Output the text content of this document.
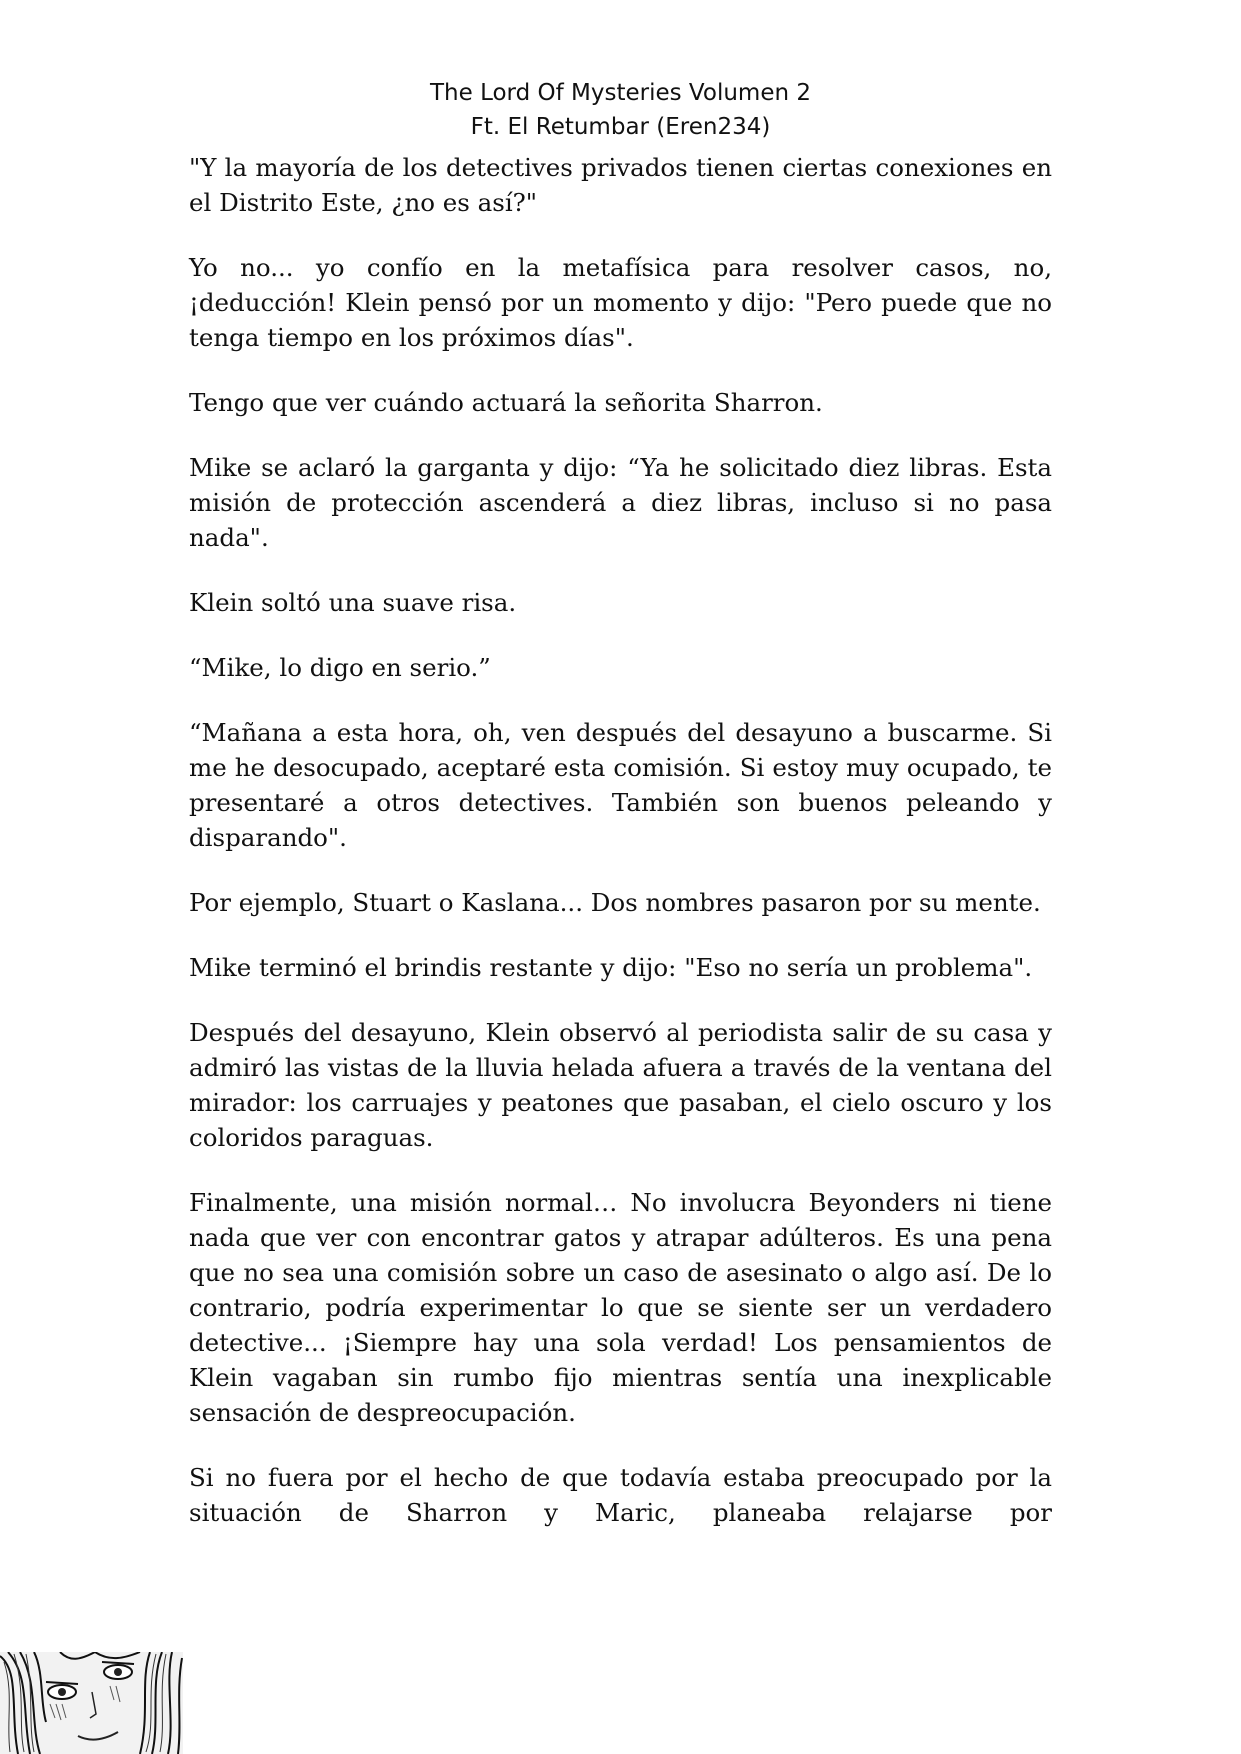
The Lord Of Mysteries Volumen 2
Ft. El Retumbar (Eren234)

"Y la mayoría de los detectives privados tienen ciertas conexiones en el Distrito Este, ¿no es así?"

Yo no... yo confío en la metafísica para resolver casos, no, ¡deducción! Klein pensó por un momento y dijo: "Pero puede que no tenga tiempo en los próximos días".

Tengo que ver cuándo actuará la señorita Sharron.

Mike se aclaró la garganta y dijo: “Ya he solicitado diez libras. Esta misión de protección ascenderá a diez libras, incluso si no pasa nada".

Klein soltó una suave risa.

“Mike, lo digo en serio.”

“Mañana a esta hora, oh, ven después del desayuno a buscarme. Si me he desocupado, aceptaré esta comisión. Si estoy muy ocupado, te presentaré a otros detectives. También son buenos peleando y disparando".

Por ejemplo, Stuart o Kaslana... Dos nombres pasaron por su mente.

Mike terminó el brindis restante y dijo: "Eso no sería un problema".

Después del desayuno, Klein observó al periodista salir de su casa y admiró las vistas de la lluvia helada afuera a través de la ventana del mirador: los carruajes y peatones que pasaban, el cielo oscuro y los coloridos paraguas.

Finalmente, una misión normal… No involucra Beyonders ni tiene nada que ver con encontrar gatos y atrapar adúlteros. Es una pena que no sea una comisión sobre un caso de asesinato o algo así. De lo contrario, podría experimentar lo que se siente ser un verdadero detective... ¡Siempre hay una sola verdad! Los pensamientos de Klein vagaban sin rumbo fijo mientras sentía una inexplicable sensación de despreocupación.

Si no fuera por el hecho de que todavía estaba preocupado por la situación de Sharron y Maric, planeaba relajarse por
